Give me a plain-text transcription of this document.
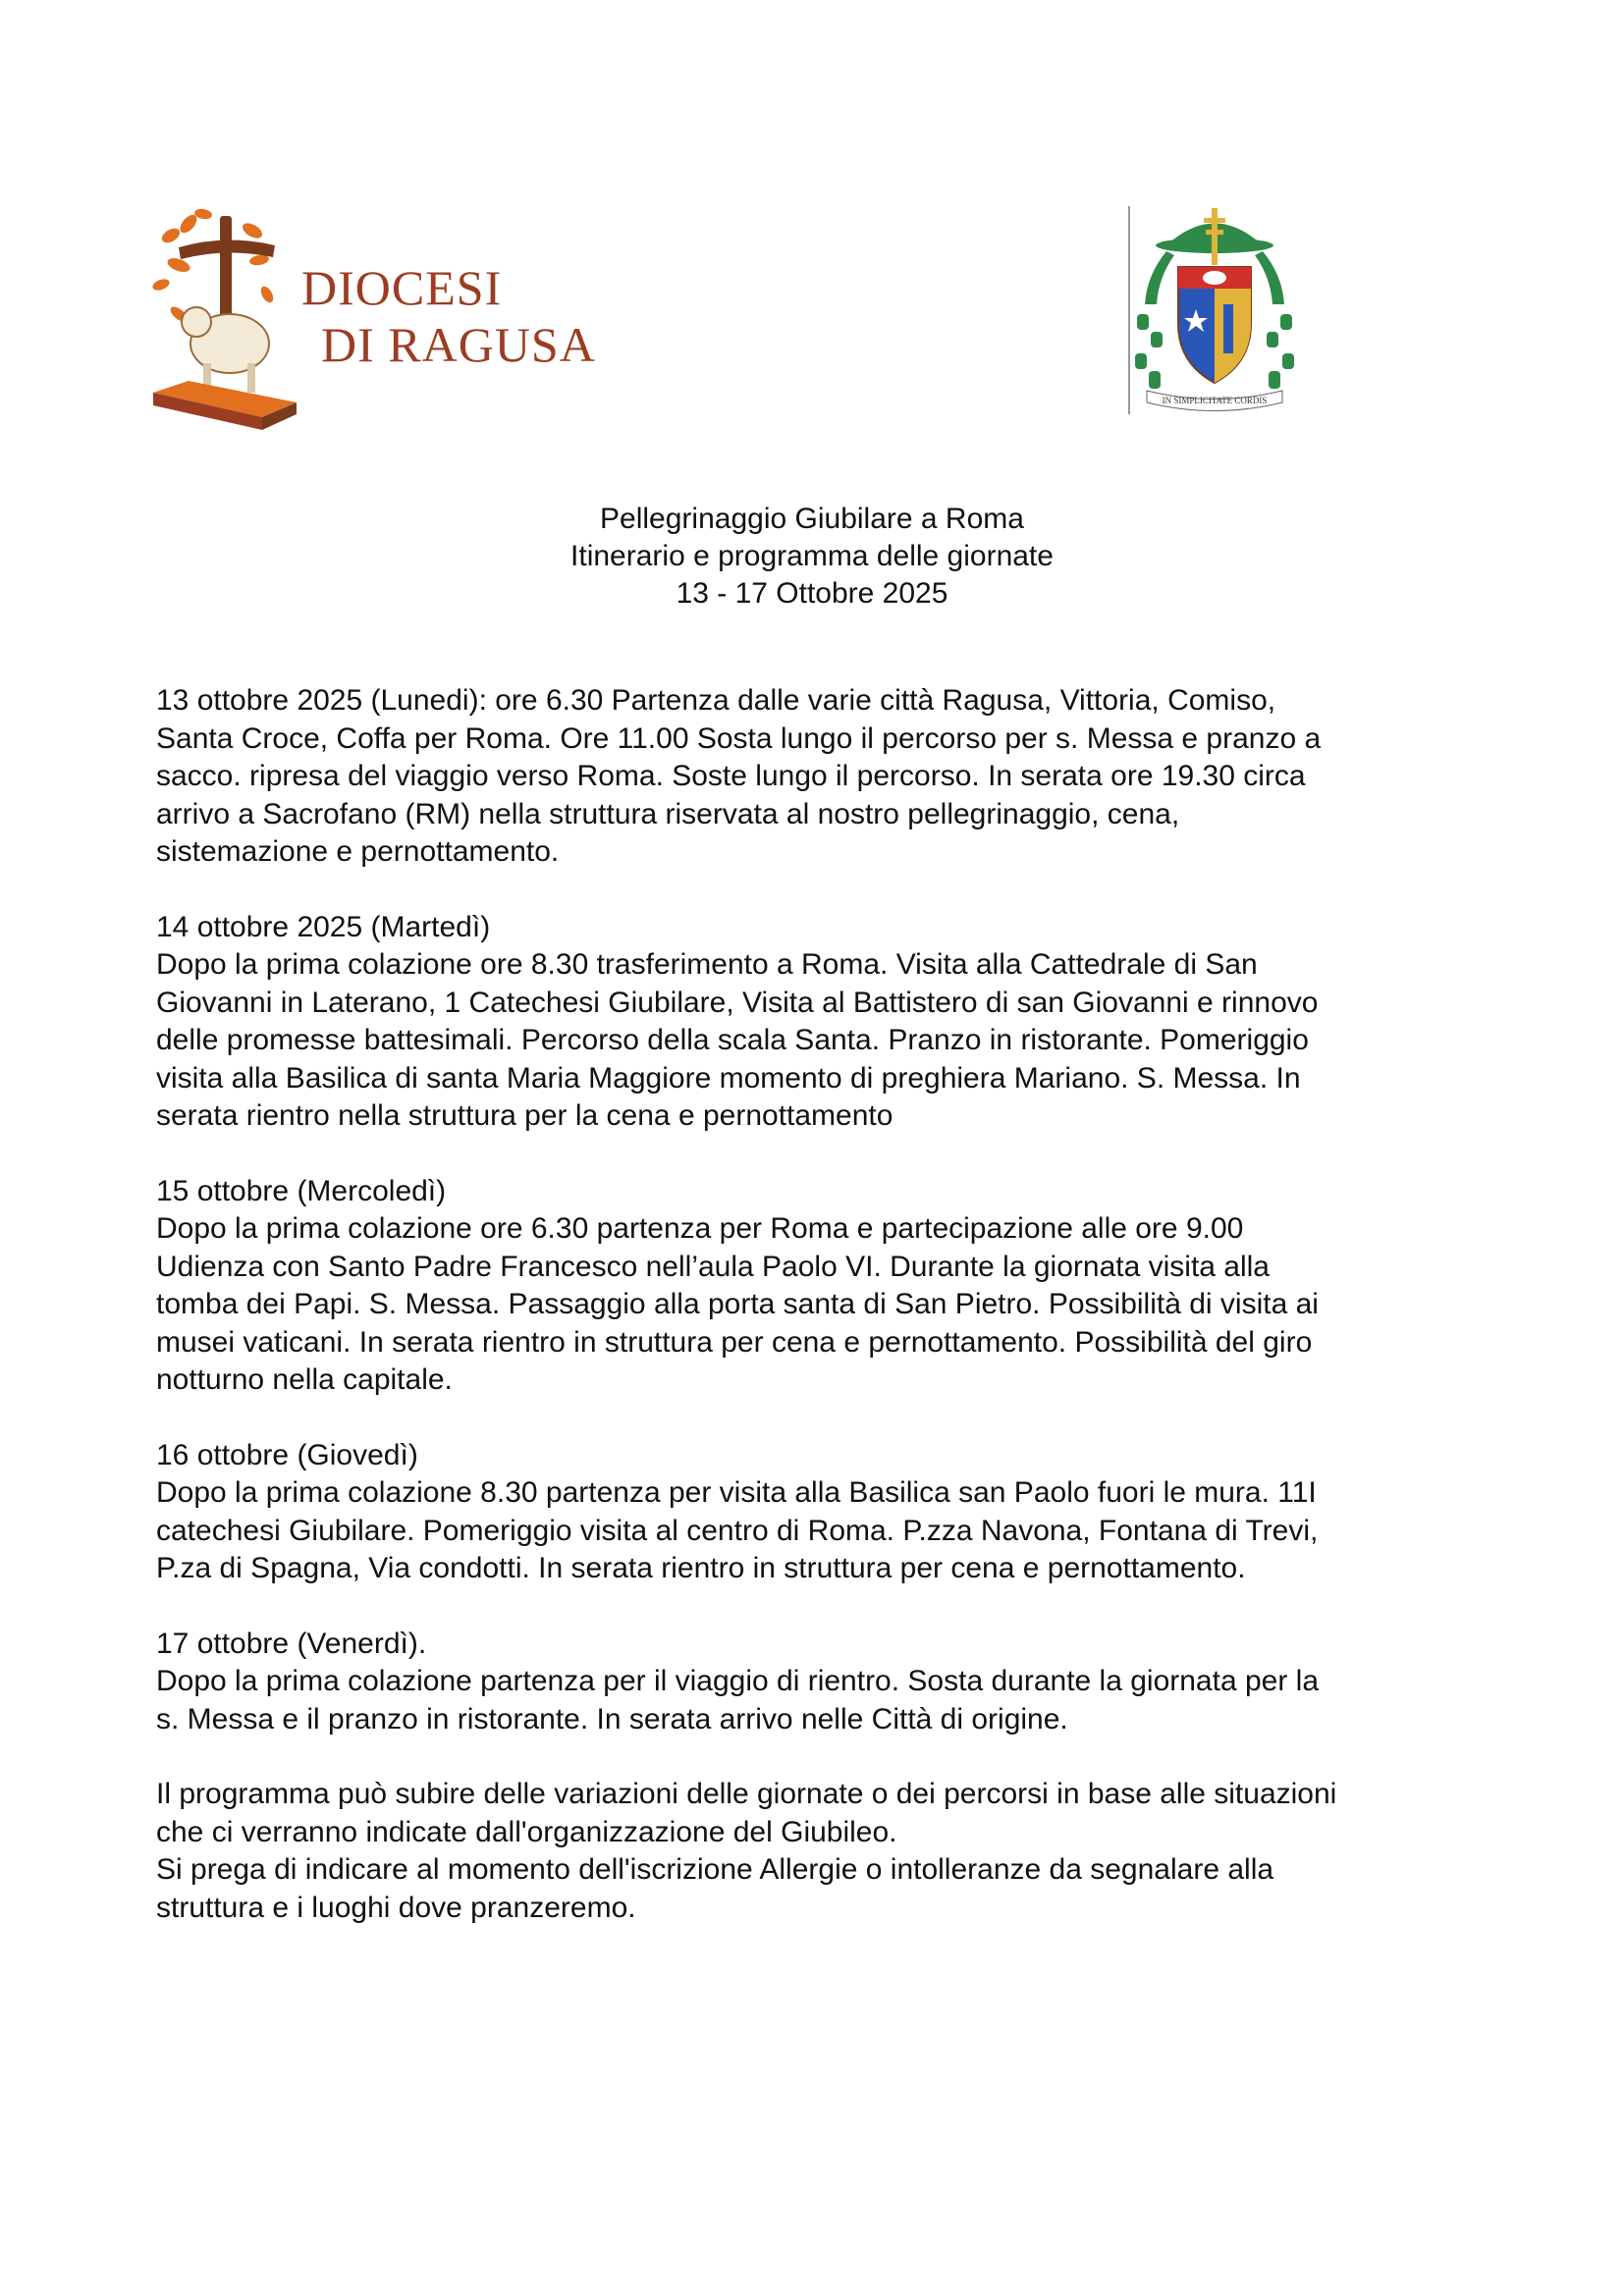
DIOCESI
DI RAGUSA
IN SIMPLICITATE CORDIS
Pellegrinaggio Giubilare a Roma
Itinerario e programma delle giornate
13 - 17 Ottobre 2025

13 ottobre 2025 (Lunedi): ore 6.30 Partenza dalle varie città Ragusa, Vittoria, Comiso,

Santa Croce, Coffa per Roma. Ore 11.00 Sosta lungo il percorso per s. Messa e pranzo a

sacco. ripresa del viaggio verso Roma. Soste lungo il percorso. In serata ore 19.30 circa

arrivo a Sacrofano (RM) nella struttura riservata al nostro pellegrinaggio, cena,

sistemazione e pernottamento.

14 ottobre 2025 (Martedì)

Dopo la prima colazione ore 8.30 trasferimento a Roma. Visita alla Cattedrale di San

Giovanni in Laterano, 1 Catechesi Giubilare, Visita al Battistero di san Giovanni e rinnovo

delle promesse battesimali. Percorso della scala Santa. Pranzo in ristorante. Pomeriggio

visita alla Basilica di santa Maria Maggiore momento di preghiera Mariano. S. Messa. In

serata rientro nella struttura per la cena e pernottamento

15 ottobre (Mercoledì)

Dopo la prima colazione ore 6.30 partenza per Roma e partecipazione alle ore 9.00

Udienza con Santo Padre Francesco nell’aula Paolo VI. Durante la giornata visita alla

tomba dei Papi. S. Messa. Passaggio alla porta santa di San Pietro. Possibilità di visita ai

musei vaticani. In serata rientro in struttura per cena e pernottamento. Possibilità del giro

notturno nella capitale.

16 ottobre (Giovedì)

Dopo la prima colazione 8.30 partenza per visita alla Basilica san Paolo fuori le mura. 11I

catechesi Giubilare. Pomeriggio visita al centro di Roma. P.zza Navona, Fontana di Trevi,

P.za di Spagna, Via condotti. In serata rientro in struttura per cena e pernottamento.

17 ottobre (Venerdì).

Dopo la prima colazione partenza per il viaggio di rientro. Sosta durante la giornata per la

s. Messa e il pranzo in ristorante. In serata arrivo nelle Città di origine.

Il programma può subire delle variazioni delle giornate o dei percorsi in base alle situazioni

che ci verranno indicate dall'organizzazione del Giubileo.

Si prega di indicare al momento dell'iscrizione Allergie o intolleranze da segnalare alla

struttura e i luoghi dove pranzeremo.
